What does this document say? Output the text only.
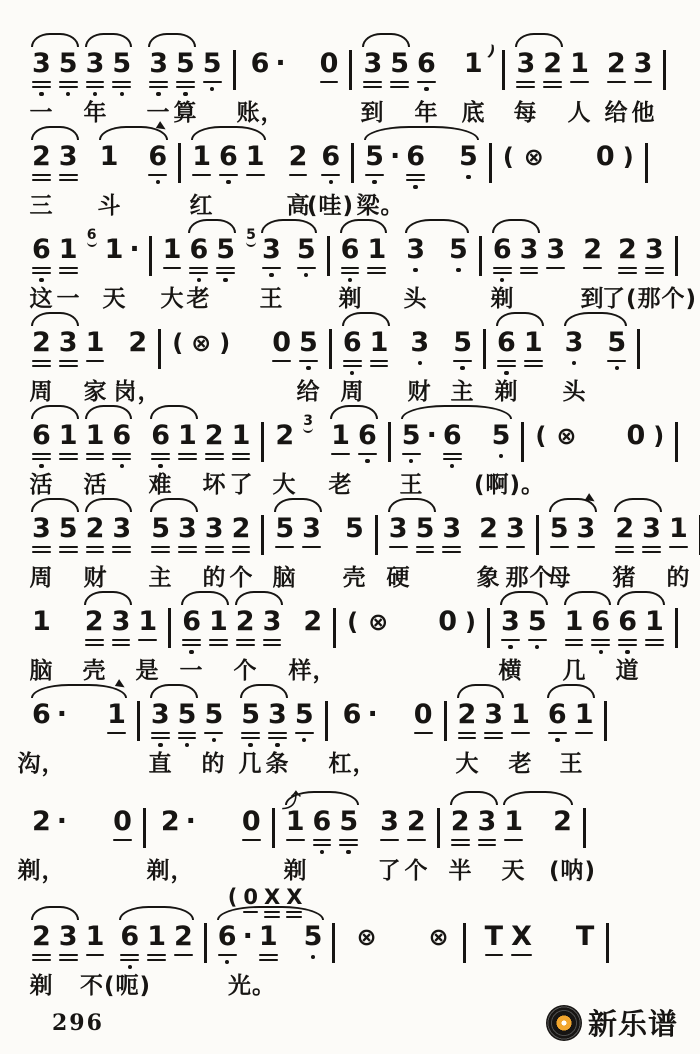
3 5 3 5 3 5 5 6 · 0 3 5 6 1 ) 3 2 1 2 3
一 年 一 算 账，	到 年 底 每 人 给 他
2 3 1 6 1 6 1 2 6 5 · 6 5 ( ⊗ 0 )
三 斗	红	高
(哇) 梁。
6 1 6 1 · 1 6 5 5 3 5 6 1 3 5 6 3 3 2 2 3
这 一 天 大 老 王 剃 头	剃	到
了(那个)
2 3 1 2 ( ⊗ ) 0 5 6 1 3 5 6 1 3 5
周 家 岗，	给 周 财 主 剃 头
6 1 1 6 6 1 2 1 2 3 1 6 5 · 6 5 ( ⊗ 0 )
活 活 难 坏 了 大 老 王 (啊)。
3 5 2 3 5 3 3 2 5 3 5 3 5 3 2 3 5 3 2 3 1
周 财 主 的 个 脑 壳 硬	象 那个
母 猪 的
1 2 3 1 6 1 2 3 2 ( ⊗ 0 ) 3 5 1 6 6 1
脑 壳 是 一 个 样，	横 几 道
6 · 1 3 5 5 5 3 5 6 · 0 2 3 1 6 1
沟，	直 的 几 条 杠，	大 老 王
2 · 0 2 · 0 1
⤴
6 5 3 2 2 3 1 2
剃，	剃，	剃	了 个 半 天 (呐)
2 3 1 6 1 2 6 · 1 5 ⊗ ⊗ T X T
( 0 X X
剃 不(呃)	光。
296	新乐谱
